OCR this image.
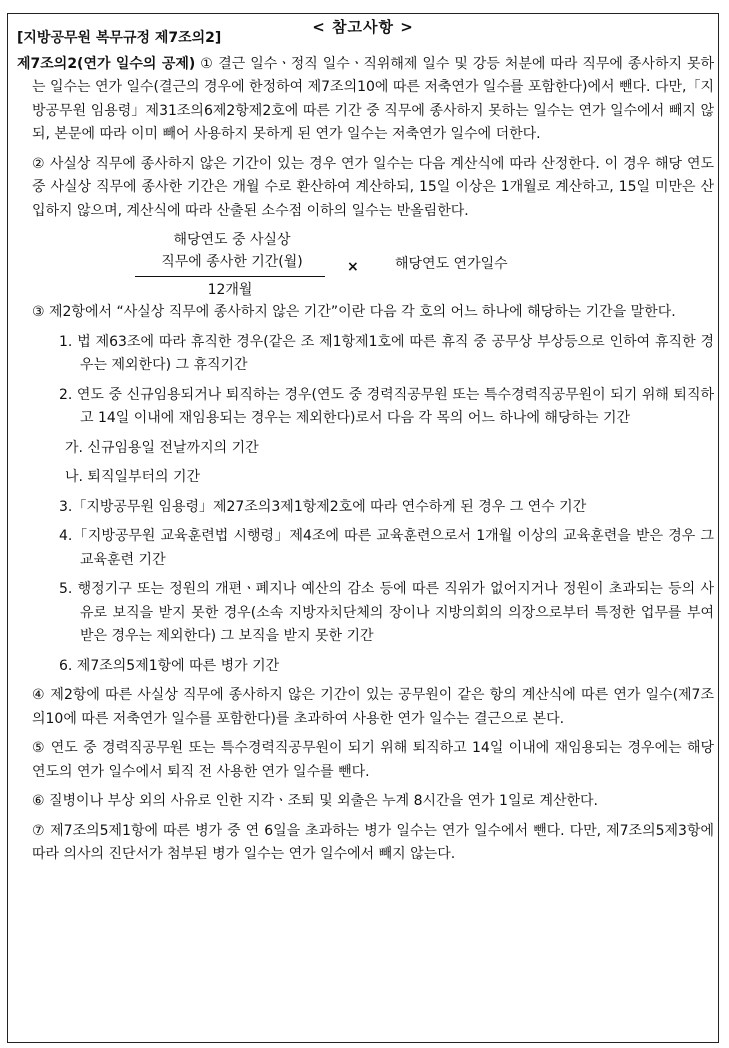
< 참고사항 >

[지방공무원 복무규정 제7조의2]

제7조의2(연가 일수의 공제) ① 결근 일수ㆍ정직 일수ㆍ직위해제 일수 및 강등 처분에 따라 직무에 종사하지 못하는 일수는 연가 일수(결근의 경우에 한정하여 제7조의10에 따른 저축연가 일수를 포함한다)에서 뺀다. 다만,「지방공무원 임용령」제31조의6제2항제2호에 따른 기간 중 직무에 종사하지 못하는 일수는 연가 일수에서 빼지 않되, 본문에 따라 이미 빼어 사용하지 못하게 된 연가 일수는 저축연가 일수에 더한다.

② 사실상 직무에 종사하지 않은 기간이 있는 경우 연가 일수는 다음 계산식에 따라 산정한다. 이 경우 해당 연도 중 사실상 직무에 종사한 기간은 개월 수로 환산하여 계산하되, 15일 이상은 1개월로 계산하고, 15일 미만은 산입하지 않으며, 계산식에 따라 산출된 소수점 이하의 일수는 반올림한다.

해당연도 중 사실상
직무에 종사한 기간(월)
12개월
×	해당연도 연가일수

③ 제2항에서 “사실상 직무에 종사하지 않은 기간”이란 다음 각 호의 어느 하나에 해당하는 기간을 말한다.

1. 법 제63조에 따라 휴직한 경우(같은 조 제1항제1호에 따른 휴직 중 공무상 부상등으로 인하여 휴직한 경우는 제외한다) 그 휴직기간

2. 연도 중 신규임용되거나 퇴직하는 경우(연도 중 경력직공무원 또는 특수경력직공무원이 되기 위해 퇴직하고 14일 이내에 재임용되는 경우는 제외한다)로서 다음 각 목의 어느 하나에 해당하는 기간

가. 신규임용일 전날까지의 기간

나. 퇴직일부터의 기간

3.「지방공무원 임용령」제27조의3제1항제2호에 따라 연수하게 된 경우 그 연수 기간

4.「지방공무원 교육훈련법 시행령」제4조에 따른 교육훈련으로서 1개월 이상의 교육훈련을 받은 경우 그 교육훈련 기간

5. 행정기구 또는 정원의 개편ㆍ폐지나 예산의 감소 등에 따른 직위가 없어지거나 정원이 초과되는 등의 사유로 보직을 받지 못한 경우(소속 지방자치단체의 장이나 지방의회의 의장으로부터 특정한 업무를 부여받은 경우는 제외한다) 그 보직을 받지 못한 기간

6. 제7조의5제1항에 따른 병가 기간

④ 제2항에 따른 사실상 직무에 종사하지 않은 기간이 있는 공무원이 같은 항의 계산식에 따른 연가 일수(제7조의10에 따른 저축연가 일수를 포함한다)를 초과하여 사용한 연가 일수는 결근으로 본다.

⑤ 연도 중 경력직공무원 또는 특수경력직공무원이 되기 위해 퇴직하고 14일 이내에 재임용되는 경우에는 해당 연도의 연가 일수에서 퇴직 전 사용한 연가 일수를 뺀다.

⑥ 질병이나 부상 외의 사유로 인한 지각ㆍ조퇴 및 외출은 누계 8시간을 연가 1일로 계산한다.

⑦ 제7조의5제1항에 따른 병가 중 연 6일을 초과하는 병가 일수는 연가 일수에서 뺀다. 다만, 제7조의5제3항에 따라 의사의 진단서가 첨부된 병가 일수는 연가 일수에서 빼지 않는다.
